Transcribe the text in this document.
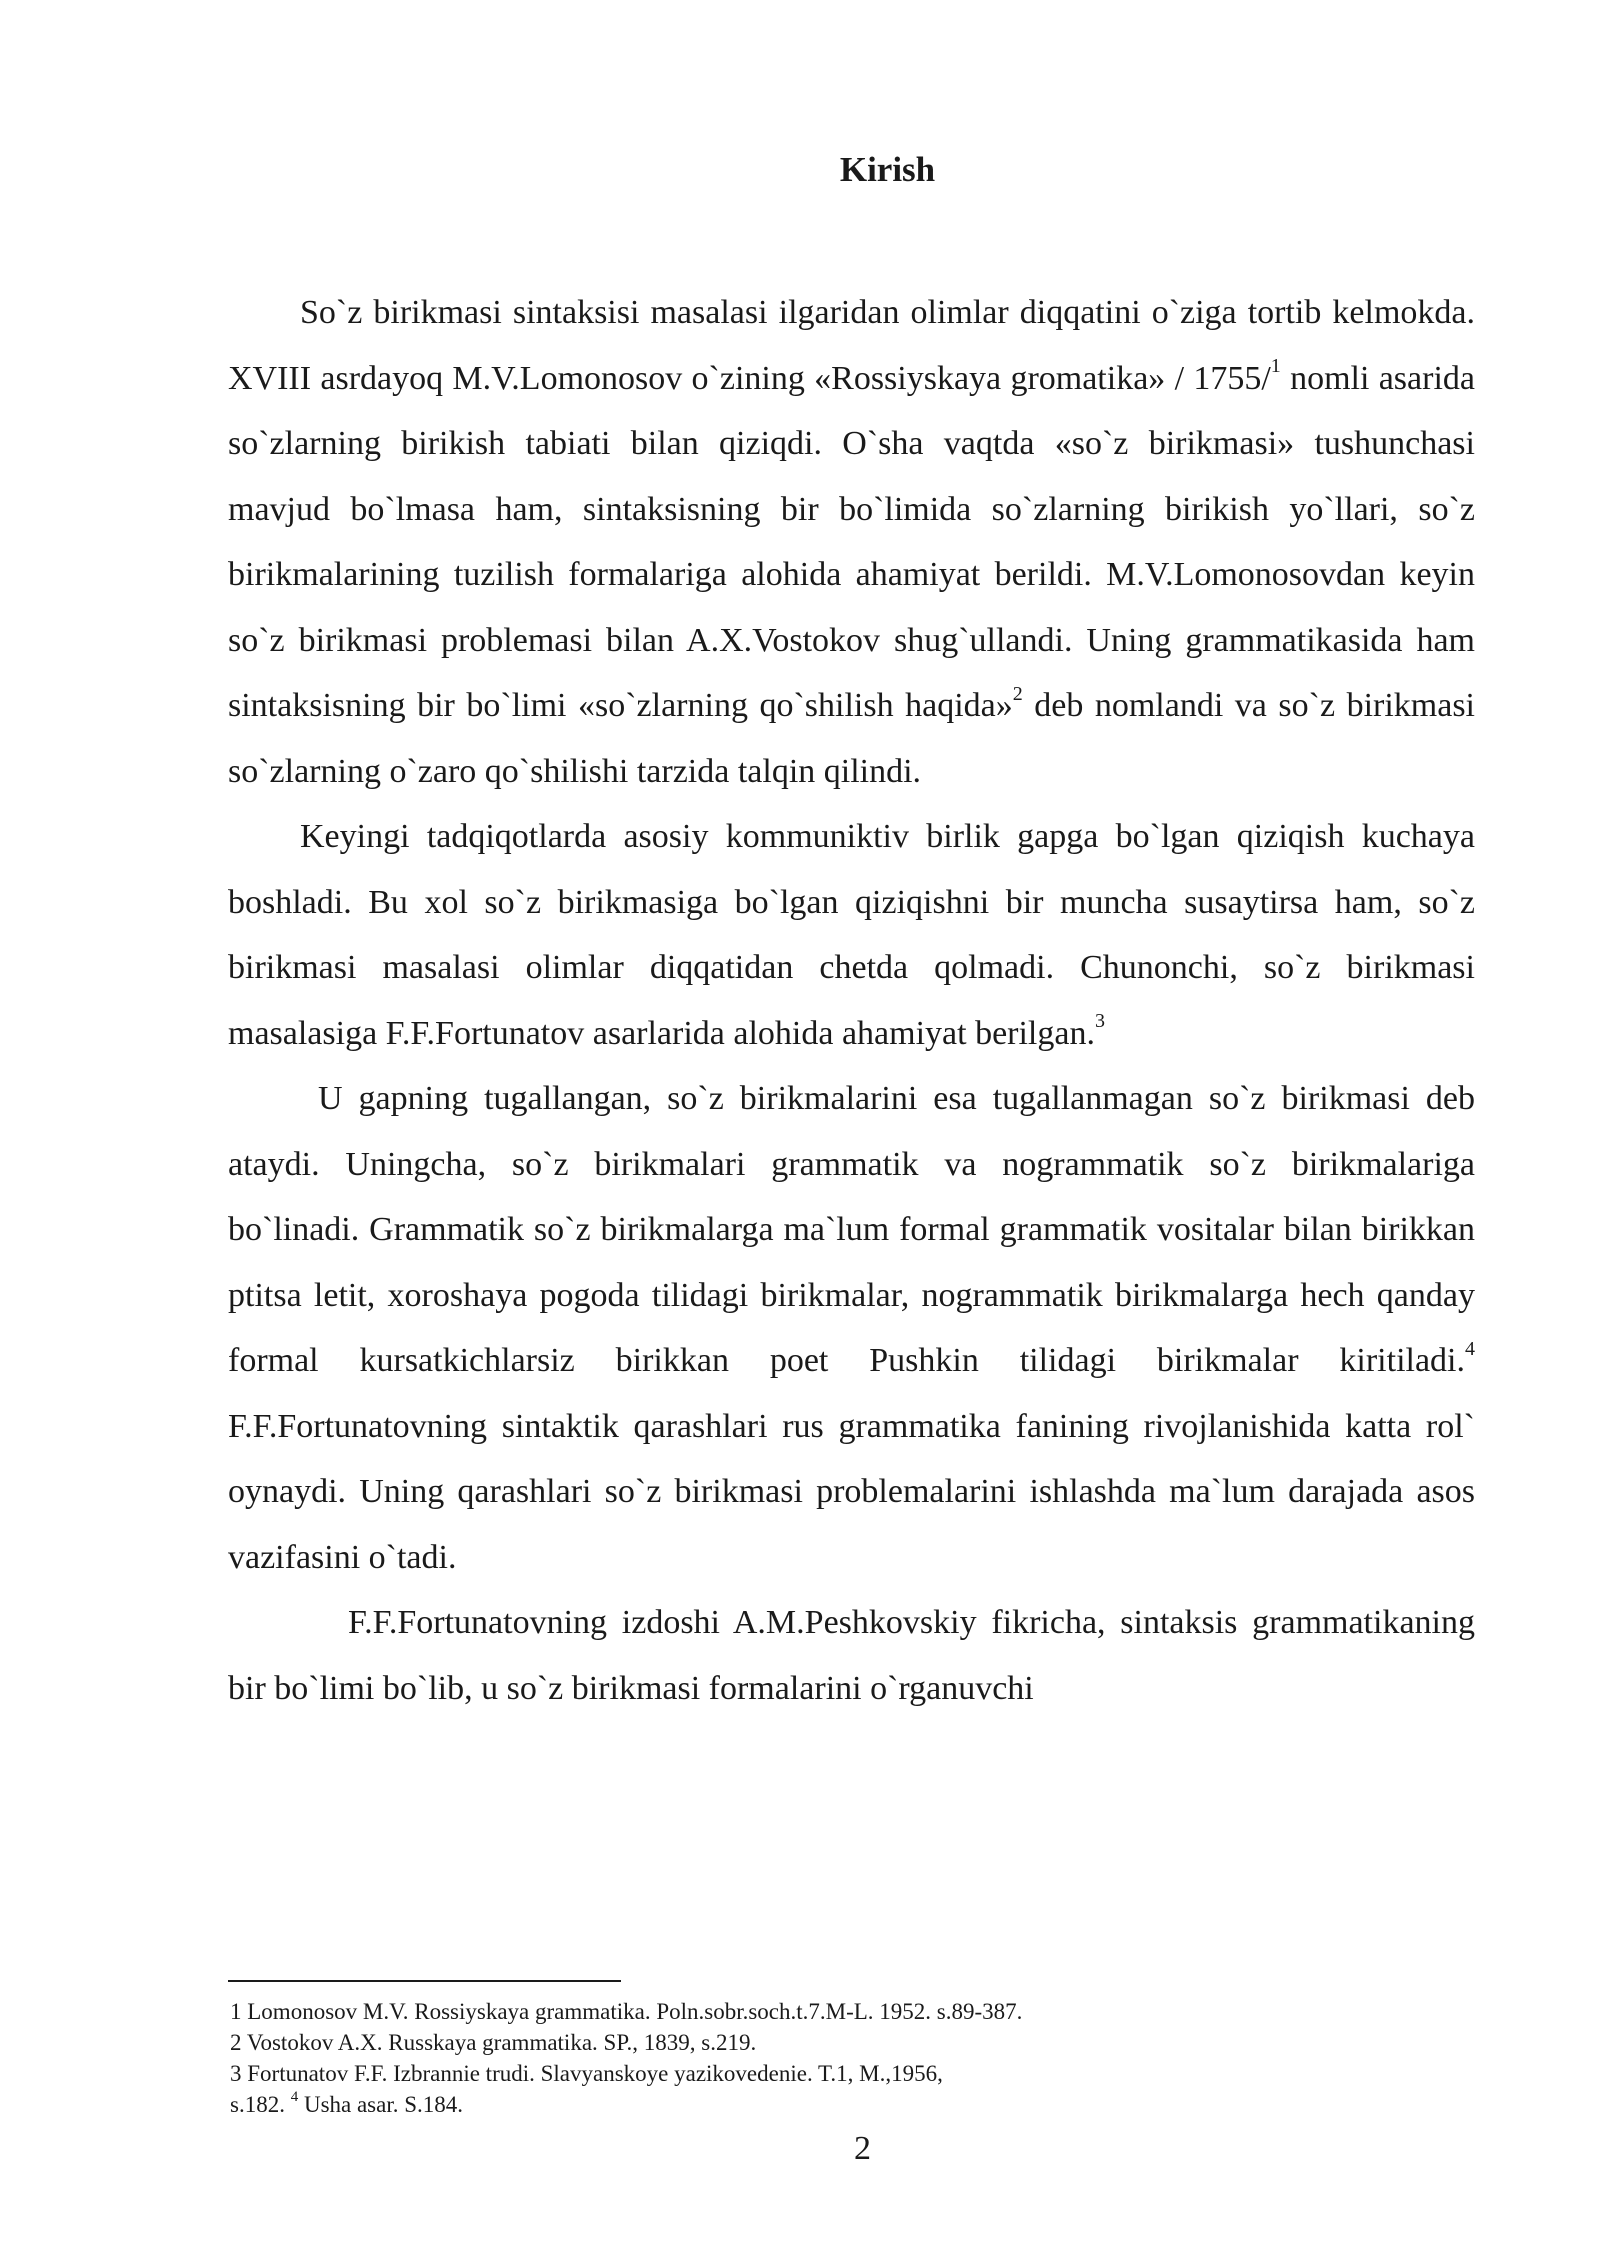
Kirish

So`z birikmasi sintaksisi masalasi ilgaridan olimlar diqqatini o`ziga tortib kelmokda. XVIII asrdayoq M.V.Lomonosov o`zining «Rossiyskaya gromatika» / 1755/$^1$ nomli asarida so`zlarning birikish tabiati bilan qiziqdi. O`sha vaqtda «so`z birikmasi» tushunchasi mavjud bo`lmasa ham, sintaksisning bir bo`limida so`zlarning birikish yo`llari, so`z birikmalarining tuzilish formalariga alohida ahamiyat berildi. M.V.Lomonosovdan keyin so`z birikmasi problemasi bilan A.X.Vostokov shug`ullandi. Uning grammatikasida ham sintaksisning bir bo`limi «so`zlarning qo`shilish haqida»$^2$ deb nomlandi va so`z birikmasi so`zlarning o`zaro qo`shilishi tarzida talqin qilindi.

Keyingi tadqiqotlarda asosiy kommuniktiv birlik gapga bo`lgan qiziqish kuchaya boshladi. Bu xol so`z birikmasiga bo`lgan qiziqishni bir muncha susaytirsa ham, so`z birikmasi masalasi olimlar diqqatidan chetda qolmadi. Chunonchi, so`z birikmasi masalasiga F.F.Fortunatov asarlarida alohida ahamiyat berilgan.$^3$

U gapning tugallangan, so`z birikmalarini esa tugallanmagan so`z birikmasi deb ataydi. Uningcha, so`z birikmalari grammatik va nogrammatik so`z birikmalariga bo`linadi. Grammatik so`z birikmalarga ma`lum formal grammatik vositalar bilan birikkan ptitsa letit, xoroshaya pogoda tilidagi birikmalar, nogrammatik birikmalarga hech qanday formal kursatkichlarsiz birikkan poet Pushkin tilidagi birikmalar kiritiladi.$^4$ F.F.Fortunatovning sintaktik qarashlari rus grammatika fanining rivojlanishida katta rol` oynaydi. Uning qarashlari so`z birikmasi problemalarini ishlashda ma`lum darajada asos vazifasini o`tadi.

F.F.Fortunatovning izdoshi A.M.Peshkovskiy fikricha, sintaksis grammatikaning bir bo`limi bo`lib, u so`z birikmasi formalarini o`rganuvchi

1 Lomonosov M.V. Rossiyskaya grammatika. Poln.sobr.soch.t.7.M-L. 1952. s.89-387.
2 Vostokov A.X. Russkaya grammatika. SP., 1839, s.219.
3 Fortunatov F.F. Izbrannie trudi. Slavyanskoye yazikovedenie. T.1, M.,1956,
s.182. $^4$ Usha asar. S.184.
2
